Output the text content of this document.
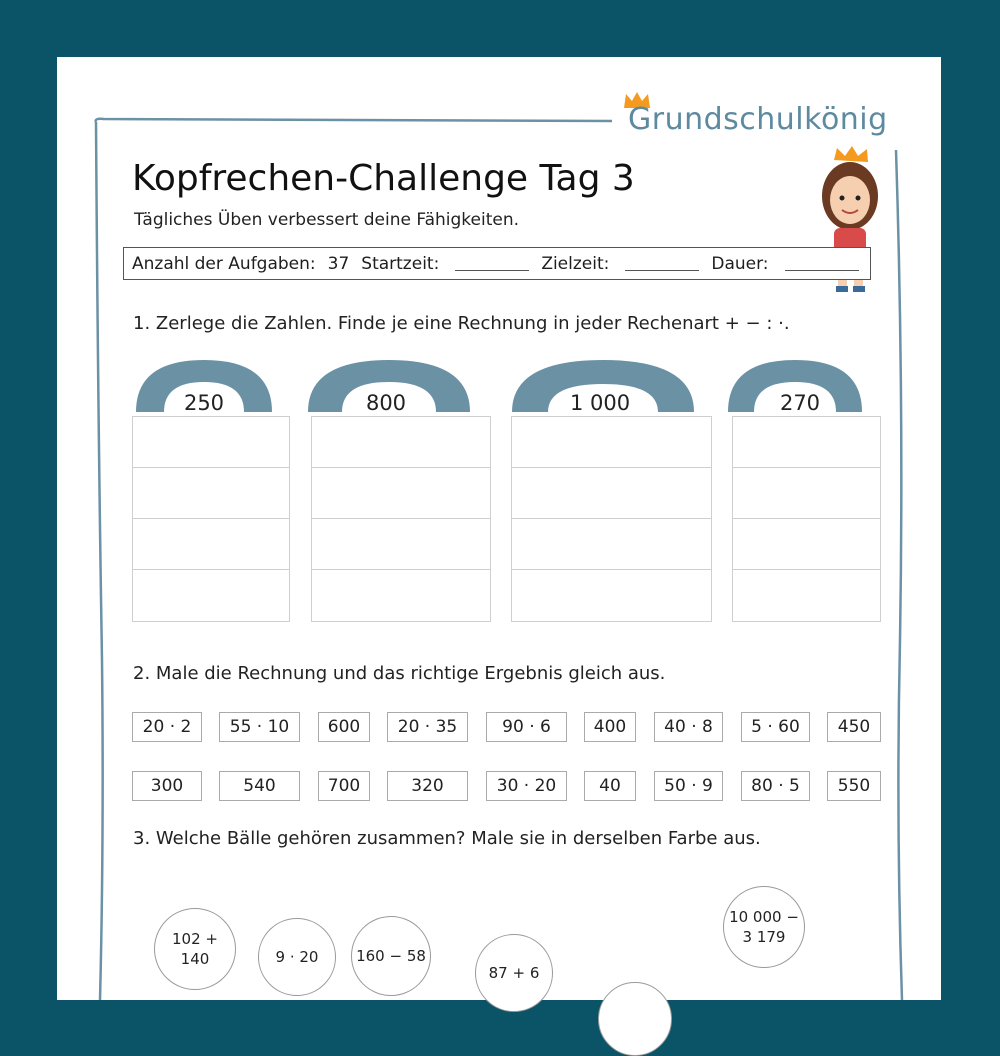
Grundschulkönig
Kopfrechen-Challenge Tag 3
Tägliches Üben verbessert deine Fähigkeiten.
Anzahl der Aufgaben: 37 Startzeit:	Zielzeit:	Dauer:
1. Zerlege die Zahlen. Finde je eine Rechnung in jeder Rechenart + − : ·.
250	800	1 000	270
2. Male die Rechnung und das richtige Ergebnis gleich aus.
20 · 2	55 · 10	600	20 · 35	90 · 6	400	40 · 8	5 · 60	450
300	540	700	320	30 · 20	40	50 · 9	80 · 5	550
3. Welche Bälle gehören zusammen? Male sie in derselben Farbe aus.
102 +
140	9 · 20	160 − 58
87 + 6
10 000 −
3 179
